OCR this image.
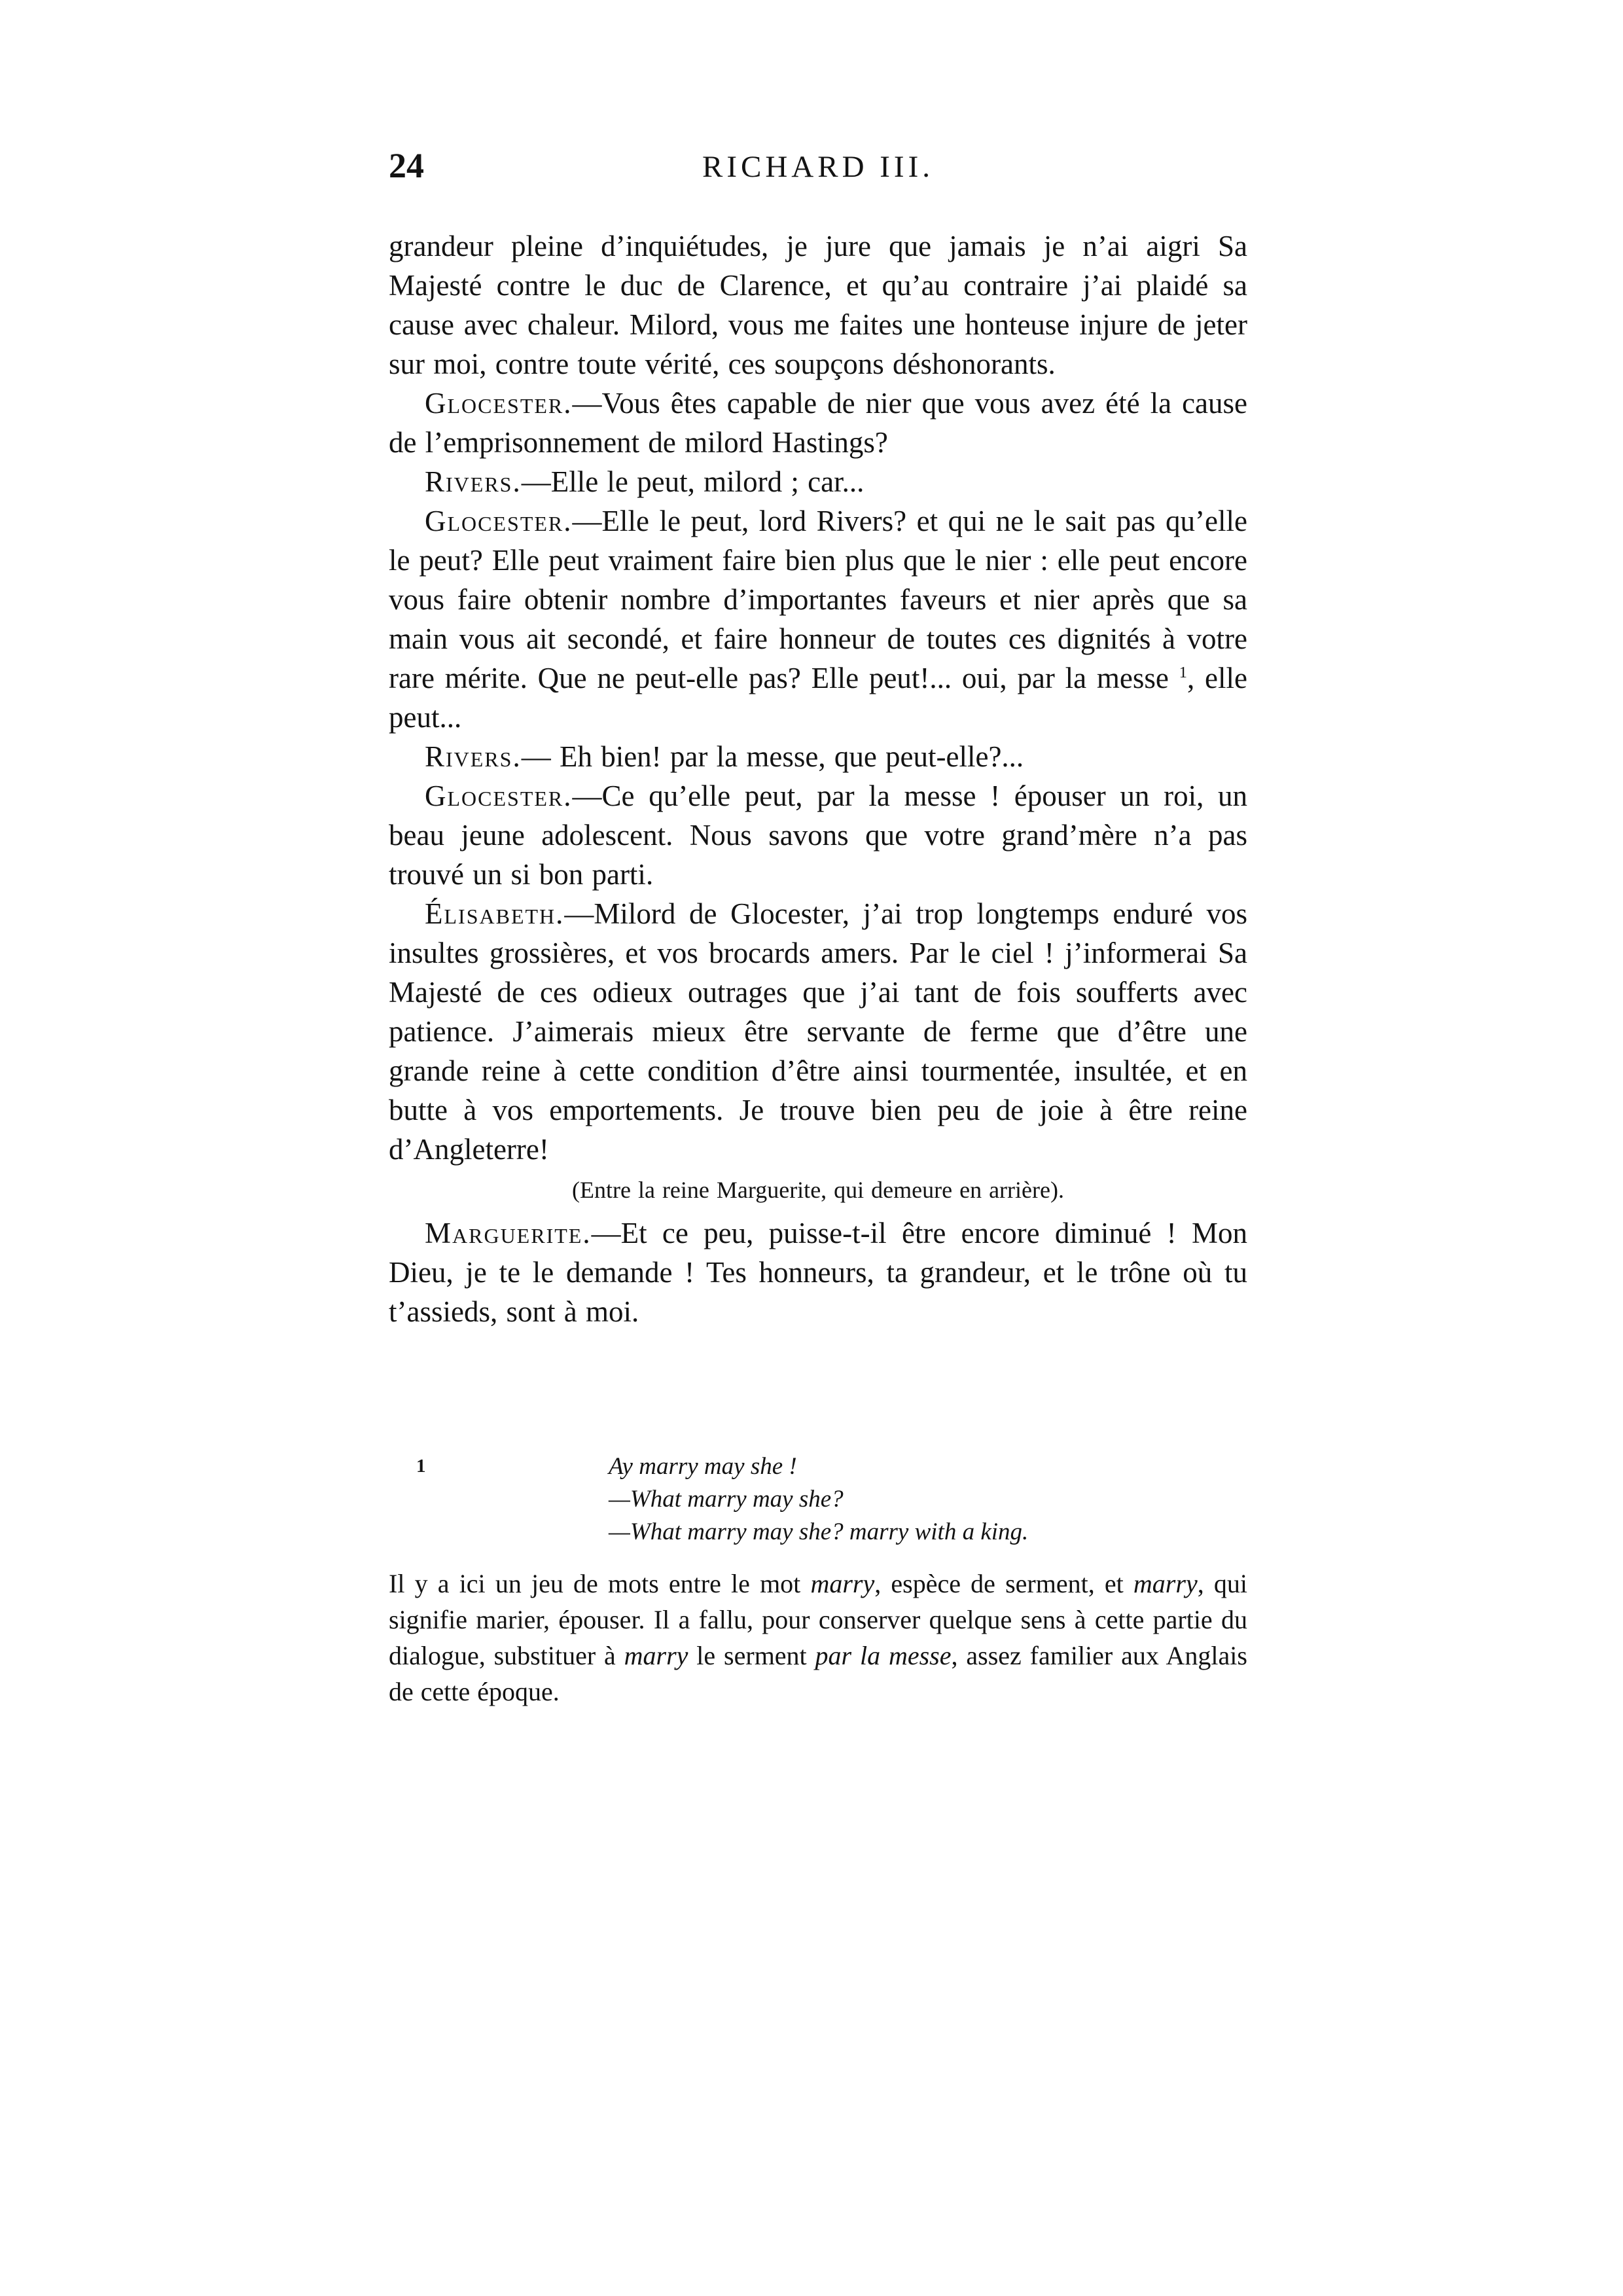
24	RICHARD III.

grandeur pleine d’inquiétudes, je jure que jamais je n’ai aigri Sa Majesté contre le duc de Clarence, et qu’au contraire j’ai plaidé sa cause avec chaleur. Milord, vous me faites une honteuse injure de jeter sur moi, contre toute vérité, ces soupçons déshonorants.

Glocester.—Vous êtes capable de nier que vous avez été la cause de l’emprisonnement de milord Hastings?

Rivers.—Elle le peut, milord ; car...

Glocester.—Elle le peut, lord Rivers? et qui ne le sait pas qu’elle le peut? Elle peut vraiment faire bien plus que le nier : elle peut encore vous faire obtenir nombre d’importantes faveurs et nier après que sa main vous ait secondé, et faire honneur de toutes ces dignités à votre rare mérite. Que ne peut-elle pas? Elle peut!... oui, par la messe $^1$, elle peut...

Rivers.— Eh bien! par la messe, que peut-elle?...

Glocester.—Ce qu’elle peut, par la messe ! épouser un roi, un beau jeune adolescent. Nous savons que votre grand’mère n’a pas trouvé un si bon parti.

Élisabeth.—Milord de Glocester, j’ai trop longtemps enduré vos insultes grossières, et vos brocards amers. Par le ciel ! j’informerai Sa Majesté de ces odieux outrages que j’ai tant de fois soufferts avec patience. J’aimerais mieux être servante de ferme que d’être une grande reine à cette condition d’être ainsi tourmentée, insultée, et en butte à vos emportements. Je trouve bien peu de joie à être reine d’Angleterre!

(Entre la reine Marguerite, qui demeure en arrière).

Marguerite.—Et ce peu, puisse-t-il être encore diminué ! Mon Dieu, je te le demande ! Tes honneurs, ta grandeur, et le trône où tu t’assieds, sont à moi.

1	Ay marry may she !
—What marry may she?
—What marry may she? marry with a king.

Il y a ici un jeu de mots entre le mot marry, espèce de serment, et marry, qui signifie marier, épouser. Il a fallu, pour conserver quelque sens à cette partie du dialogue, substituer à marry le serment par la messe, assez familier aux Anglais de cette époque.
